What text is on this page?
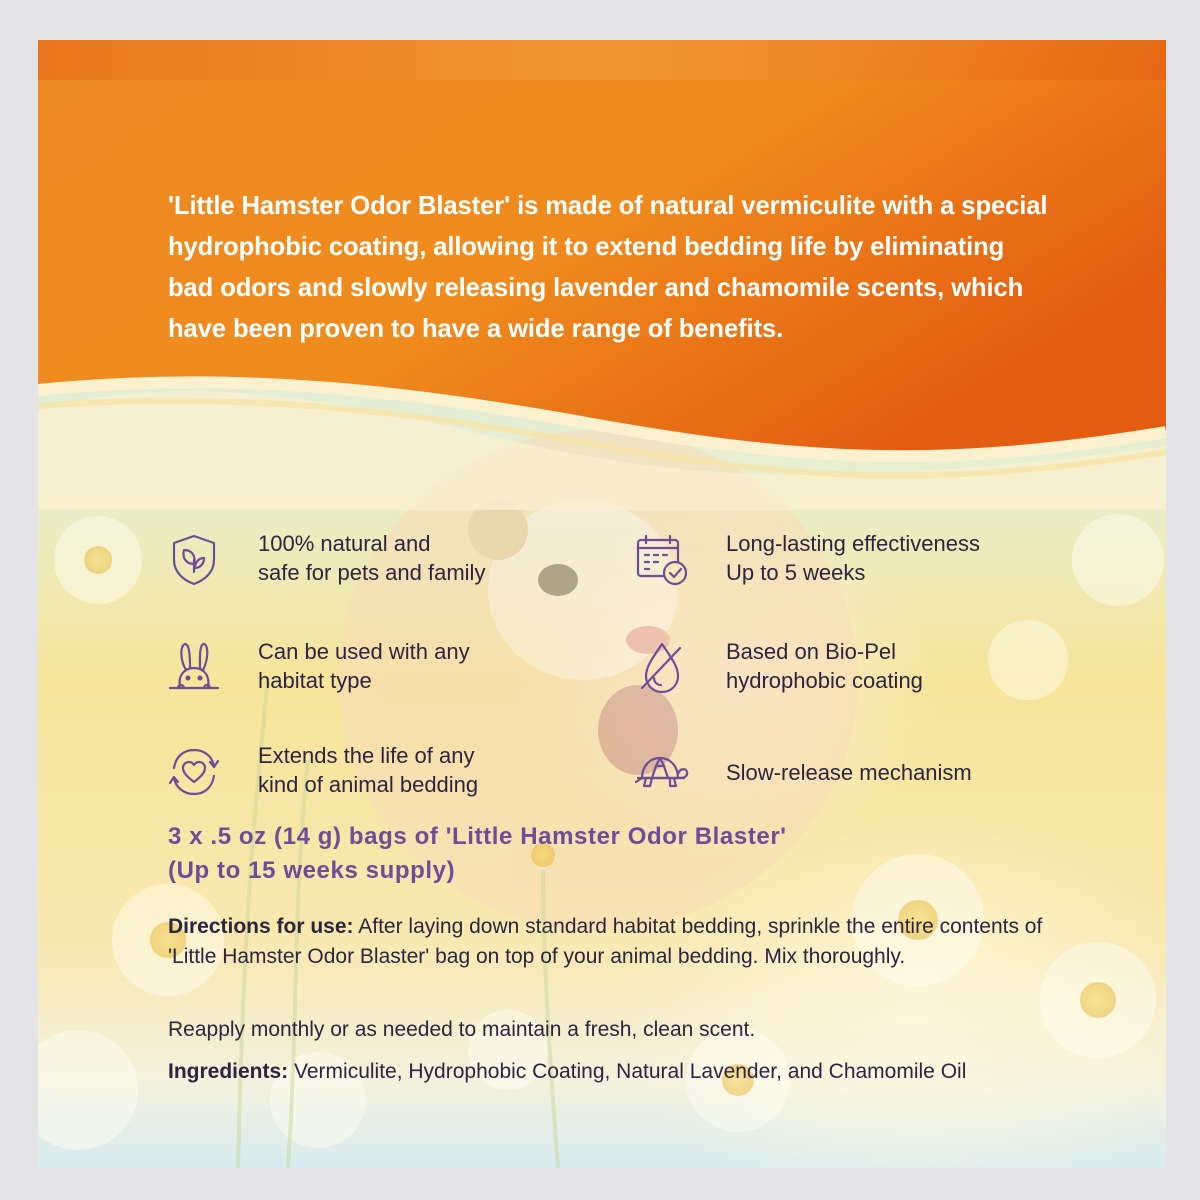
'Little Hamster Odor Blaster' is made of natural vermiculite with a special hydrophobic coating, allowing it to extend bedding life by eliminating bad odors and slowly releasing lavender and chamomile scents, which have been proven to have a wide range of benefits.

100% natural and
safe for pets and family
Long-lasting effectiveness
Up to 5 weeks
Can be used with any
habitat type
Based on Bio-Pel
hydrophobic coating
Extends the life of any
kind of animal bedding	Slow-release mechanism
3 x .5 oz (14 g) bags of 'Little Hamster Odor Blaster'
(Up to 15 weeks supply)

Directions for use: After laying down standard habitat bedding, sprinkle the entire contents of 'Little Hamster Odor Blaster' bag on top of your animal bedding. Mix thoroughly.

Reapply monthly or as needed to maintain a fresh, clean scent.

Ingredients: Vermiculite, Hydrophobic Coating, Natural Lavender, and Chamomile Oil
